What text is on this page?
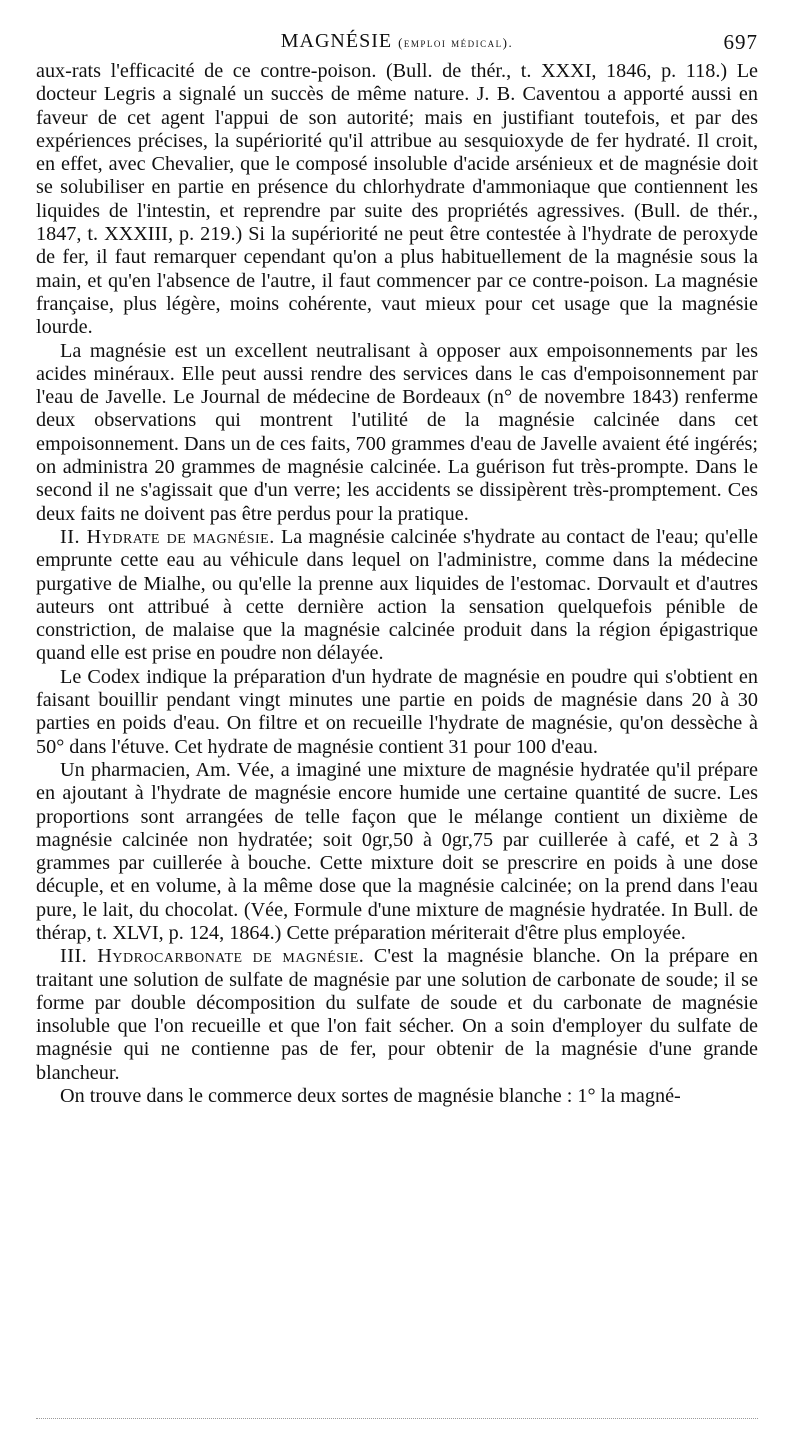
MAGNÉSIE (emploi médical).	697

aux-rats l'efficacité de ce contre-poison. (Bull. de thér., t. XXXI, 1846, p. 118.) Le docteur Legris a signalé un succès de même nature. J. B. Caventou a apporté aussi en faveur de cet agent l'appui de son autorité; mais en justifiant toutefois, et par des expériences précises, la supériorité qu'il attribue au sesquioxyde de fer hydraté. Il croit, en effet, avec Chevalier, que le composé insoluble d'acide arsénieux et de magnésie doit se solubiliser en partie en présence du chlorhydrate d'ammoniaque que contiennent les liquides de l'intestin, et reprendre par suite des propriétés agressives. (Bull. de thér., 1847, t. XXXIII, p. 219.) Si la supériorité ne peut être contestée à l'hydrate de peroxyde de fer, il faut remarquer cependant qu'on a plus habituellement de la magnésie sous la main, et qu'en l'absence de l'autre, il faut commencer par ce contre-poison. La magnésie française, plus légère, moins cohérente, vaut mieux pour cet usage que la magnésie lourde.

La magnésie est un excellent neutralisant à opposer aux empoisonnements par les acides minéraux. Elle peut aussi rendre des services dans le cas d'empoisonnement par l'eau de Javelle. Le Journal de médecine de Bordeaux (n° de novembre 1843) renferme deux observations qui montrent l'utilité de la magnésie calcinée dans cet empoisonnement. Dans un de ces faits, 700 grammes d'eau de Javelle avaient été ingérés; on administra 20 grammes de magnésie calcinée. La guérison fut très-prompte. Dans le second il ne s'agissait que d'un verre; les accidents se dissipèrent très-promptement. Ces deux faits ne doivent pas être perdus pour la pratique.

II. Hydrate de magnésie. La magnésie calcinée s'hydrate au contact de l'eau; qu'elle emprunte cette eau au véhicule dans lequel on l'administre, comme dans la médecine purgative de Mialhe, ou qu'elle la prenne aux liquides de l'estomac. Dorvault et d'autres auteurs ont attribué à cette dernière action la sensation quelquefois pénible de constriction, de malaise que la magnésie calcinée produit dans la région épigastrique quand elle est prise en poudre non délayée.

Le Codex indique la préparation d'un hydrate de magnésie en poudre qui s'obtient en faisant bouillir pendant vingt minutes une partie en poids de magnésie dans 20 à 30 parties en poids d'eau. On filtre et on recueille l'hydrate de magnésie, qu'on dessèche à 50° dans l'étuve. Cet hydrate de magnésie contient 31 pour 100 d'eau.

Un pharmacien, Am. Vée, a imaginé une mixture de magnésie hydratée qu'il prépare en ajoutant à l'hydrate de magnésie encore humide une certaine quantité de sucre. Les proportions sont arrangées de telle façon que le mélange contient un dixième de magnésie calcinée non hydratée; soit 0gr,50 à 0gr,75 par cuillerée à café, et 2 à 3 grammes par cuillerée à bouche. Cette mixture doit se prescrire en poids à une dose décuple, et en volume, à la même dose que la magnésie calcinée; on la prend dans l'eau pure, le lait, du chocolat. (Vée, Formule d'une mixture de magnésie hydratée. In Bull. de thérap, t. XLVI, p. 124, 1864.) Cette préparation mériterait d'être plus employée.

III. Hydrocarbonate de magnésie. C'est la magnésie blanche. On la prépare en traitant une solution de sulfate de magnésie par une solution de carbonate de soude; il se forme par double décomposition du sulfate de soude et du carbonate de magnésie insoluble que l'on recueille et que l'on fait sécher. On a soin d'employer du sulfate de magnésie qui ne contienne pas de fer, pour obtenir de la magnésie d'une grande blancheur.

On trouve dans le commerce deux sortes de magnésie blanche : 1° la magné-
